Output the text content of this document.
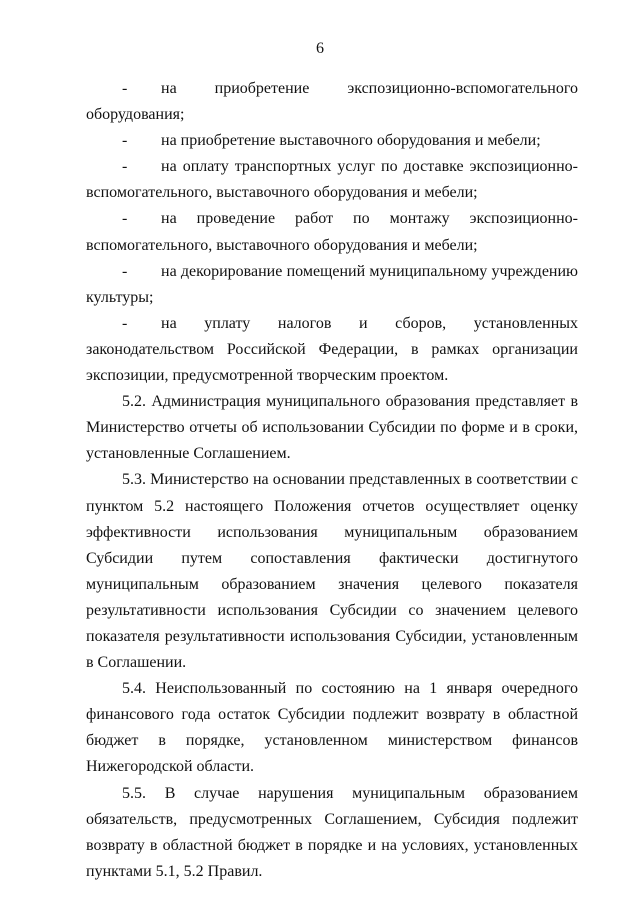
6

- на приобретение экспозиционно-вспомогательного оборудования;

- на приобретение выставочного оборудования и мебели;

- на оплату транспортных услуг по доставке экспозиционно-вспомогательного, выставочного оборудования и мебели;

- на проведение работ по монтажу экспозиционно-вспомогательного, выставочного оборудования и мебели;

- на декорирование помещений муниципальному учреждению культуры;

- на уплату налогов и сборов, установленных законодательством Российской Федерации, в рамках организации экспозиции, предусмотренной творческим проектом.

5.2. Администрация муниципального образования представляет в Министерство отчеты об использовании Субсидии по форме и в сроки, установленные Соглашением.

5.3. Министерство на основании представленных в соответствии с пунктом 5.2 настоящего Положения отчетов осуществляет оценку эффективности использования муниципальным образованием Субсидии путем сопоставления фактически достигнутого муниципальным образованием значения целевого показателя результативности использования Субсидии со значением целевого показателя результативности использования Субсидии, установленным в Соглашении.

5.4. Неиспользованный по состоянию на 1 января очередного финансового года остаток Субсидии подлежит возврату в областной бюджет в порядке, установленном министерством финансов Нижегородской области.

5.5. В случае нарушения муниципальным образованием обязательств, предусмотренных Соглашением, Субсидия подлежит возврату в областной бюджет в порядке и на условиях, установленных пунктами 5.1, 5.2 Правил.
